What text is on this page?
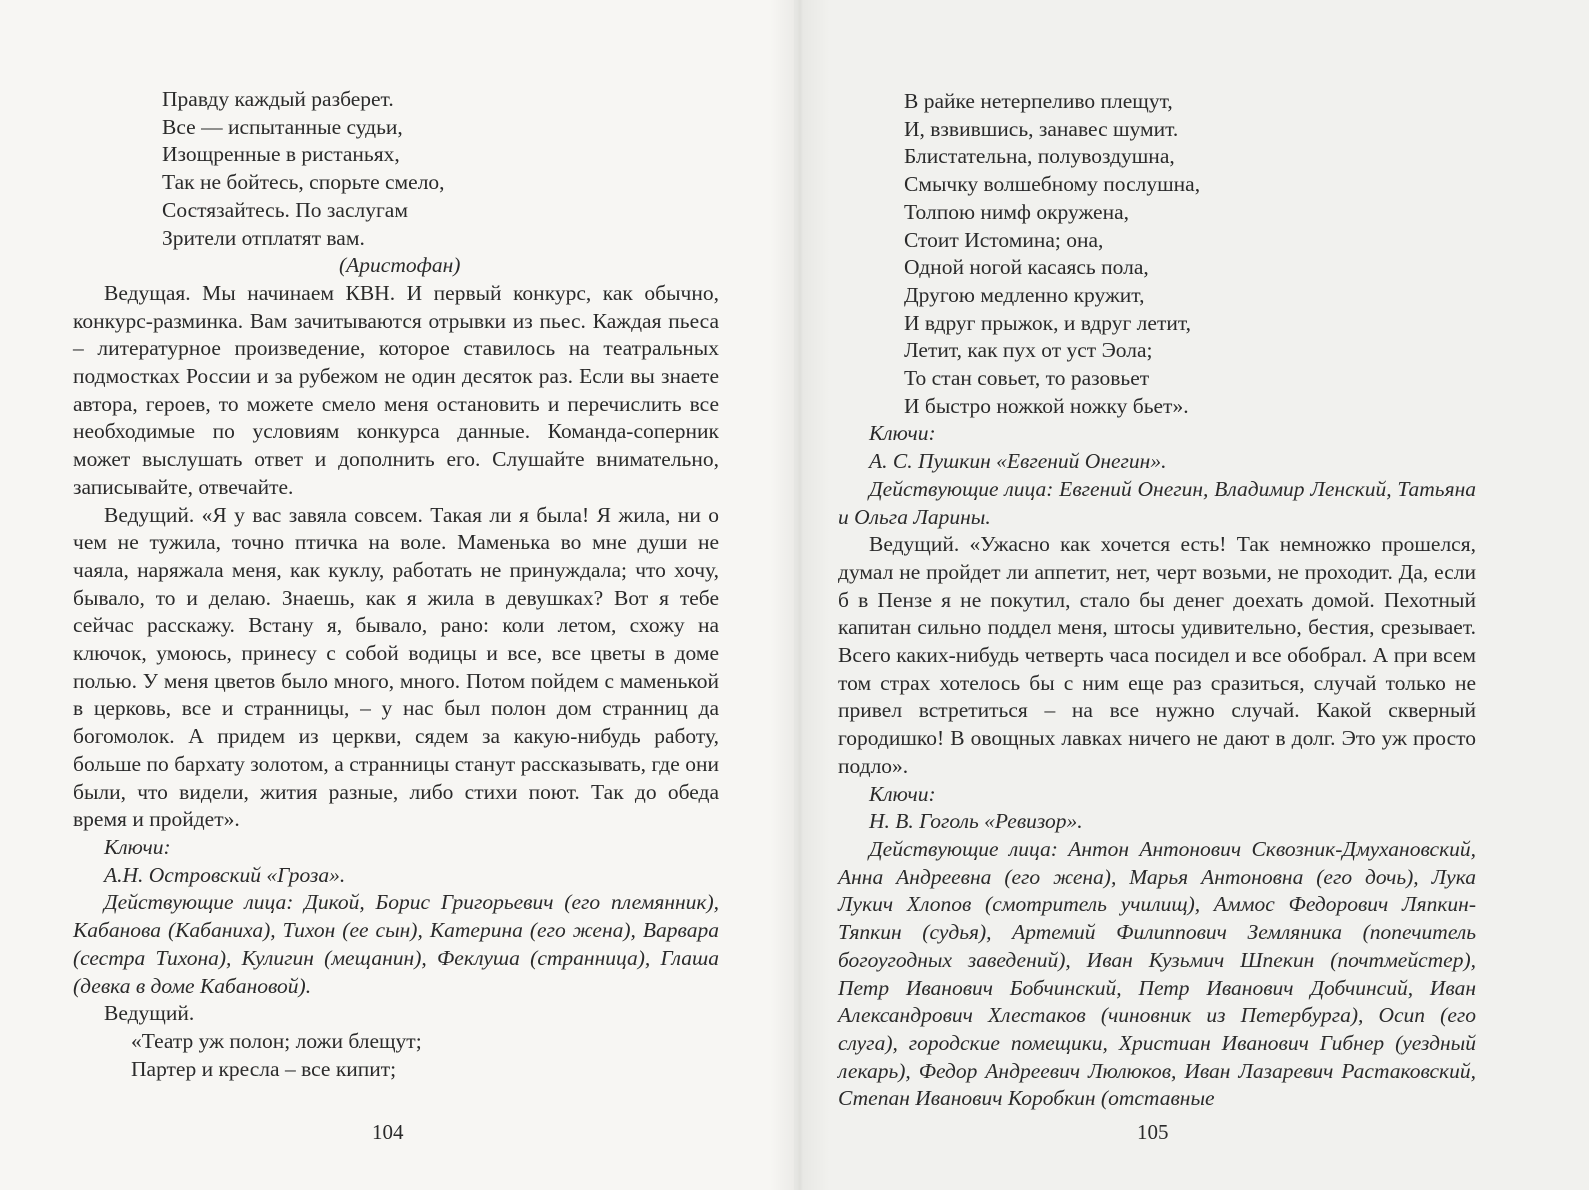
Правду каждый разберет.

Все — испытанные судьи,

Изощренные в ристаньях,

Так не бойтесь, спорьте смело,

Состязайтесь. По заслугам

Зрители отплатят вам.

(Аристофан)

Ведущая. Мы начинаем КВН. И первый конкурс, как обычно, конкурс-разминка. Вам зачитываются отрывки из пьес. Каждая пьеса – литературное произведение, которое ставилось на театральных подмостках России и за рубежом не один десяток раз. Если вы знаете автора, героев, то можете смело меня остановить и перечислить все необходимые по условиям конкурса данные. Команда-соперник может выслушать ответ и дополнить его. Слушайте внимательно, записывайте, отвечайте.

Ведущий. «Я у вас завяла совсем. Такая ли я была! Я жила, ни о чем не тужила, точно птичка на воле. Маменька во мне души не чаяла, наряжала меня, как куклу, работать не принуждала; что хочу, бывало, то и делаю. Знаешь, как я жила в девушках? Вот я тебе сейчас расскажу. Встану я, бывало, рано: коли летом, схожу на ключок, умоюсь, принесу с собой водицы и все, все цветы в доме полью. У меня цветов было много, много. Потом пойдем с маменькой в церковь, все и странницы, – у нас был полон дом странниц да богомолок. А придем из церкви, сядем за какую-нибудь работу, больше по бархату золотом, а странницы станут рассказывать, где они были, что видели, жития разные, либо стихи поют. Так до обеда время и пройдет».

Ключи:

А.Н. Островский «Гроза».

Действующие лица: Дикой, Борис Григорьевич (его племянник), Кабанова (Кабаниха), Тихон (ее сын), Катерина (его жена), Варвара (сестра Тихона), Кулигин (мещанин), Феклуша (странница), Глаша (девка в доме Кабановой).

Ведущий.

«Театр уж полон; ложи блещут;

Партер и кресла – все кипит;

104

В райке нетерпеливо плещут,

И, взвившись, занавес шумит.

Блистательна, полувоздушна,

Смычку волшебному послушна,

Толпою нимф окружена,

Стоит Истомина; она,

Одной ногой касаясь пола,

Другою медленно кружит,

И вдруг прыжок, и вдруг летит,

Летит, как пух от уст Эола;

То стан совьет, то разовьет

И быстро ножкой ножку бьет».

Ключи:

А. С. Пушкин «Евгений Онегин».

Действующие лица: Евгений Онегин, Владимир Ленский, Татьяна и Ольга Ларины.

Ведущий. «Ужасно как хочется есть! Так немножко прошелся, думал не пройдет ли аппетит, нет, черт возьми, не проходит. Да, если б в Пензе я не покутил, стало бы денег доехать домой. Пехотный капитан сильно поддел меня, штосы удивительно, бестия, срезывает. Всего каких-нибудь четверть часа посидел и все обобрал. А при всем том страх хотелось бы с ним еще раз сразиться, случай только не привел встретиться – на все нужно случай. Какой скверный городишко! В овощных лавках ничего не дают в долг. Это уж просто подло».

Ключи:

Н. В. Гоголь «Ревизор».

Действующие лица: Антон Антонович Сквозник-Дмухановский, Анна Андреевна (его жена), Марья Антоновна (его дочь), Лука Лукич Хлопов (смотритель училищ), Аммос Федорович Ляпкин-Тяпкин (судья), Артемий Филиппович Земляника (попечитель богоугодных заведений), Иван Кузьмич Шпекин (почтмейстер), Петр Иванович Бобчинский, Петр Иванович Добчинсий, Иван Александрович Хлестаков (чиновник из Петербурга), Осип (его слуга), городские помещики, Христиан Иванович Гибнер (уездный лекарь), Федор Андреевич Люлюков, Иван Лазаревич Растаковский, Степан Иванович Коробкин (отставные

105
